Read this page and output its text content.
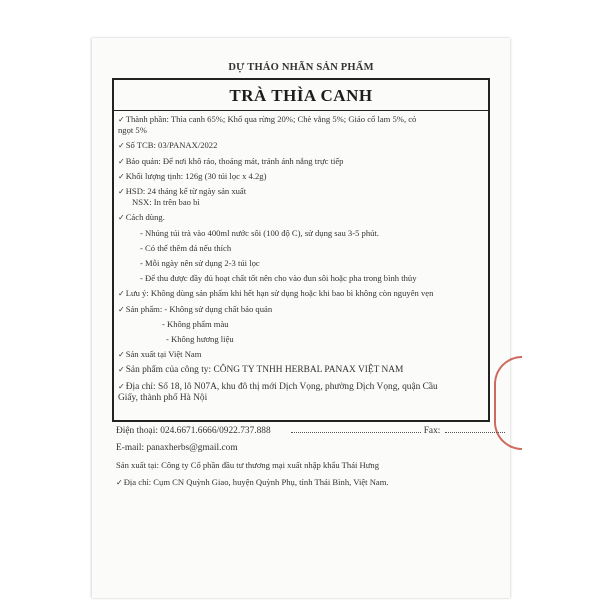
DỰ THẢO NHÃN SẢN PHẨM
TRÀ THÌA CANH
✓Thành phần: Thìa canh 65%; Khổ qua rừng 20%; Chè vằng 5%; Giảo cổ lam 5%, cỏ
ngọt 5%
✓Số TCB: 03/PANAX/2022
✓Bảo quản: Để nơi khô ráo, thoáng mát, tránh ánh nắng trực tiếp
✓Khối lượng tịnh: 126g (30 túi lọc x 4.2g)
✓HSD: 24 tháng kể từ ngày sản xuất
NSX: In trên bao bì
✓Cách dùng.
- Nhúng túi trà vào 400ml nước sôi (100 độ C), sử dụng sau 3-5 phút.
- Có thể thêm đá nếu thích
- Mỗi ngày nên sử dụng 2-3 túi lọc
- Để thu được đầy đủ hoạt chất tốt nên cho vào đun sôi hoặc pha trong bình thủy
✓Lưu ý: Không dùng sản phẩm khi hết hạn sử dụng hoặc khi bao bì không còn nguyên vẹn
✓Sản phẩm: - Không sử dụng chất bảo quản
- Không phẩm màu
- Không hương liệu
✓Sản xuất tại Việt Nam
✓Sản phẩm của công ty: CÔNG TY TNHH HERBAL PANAX VIỆT NAM
✓Địa chỉ: Số 18, lô N07A, khu đô thị mới Dịch Vọng, phường Dịch Vọng, quận Cầu
Giấy, thành phố Hà Nội
Điện thoại: 024.6671.6666/0922.737.888	Fax:
E-mail: panaxherbs@gmail.com
Sản xuất tại: Công ty Cổ phần đầu tư thương mại xuất nhập khẩu Thái Hưng
✓Địa chỉ: Cụm CN Quỳnh Giao, huyện Quỳnh Phụ, tỉnh Thái Bình, Việt Nam.
